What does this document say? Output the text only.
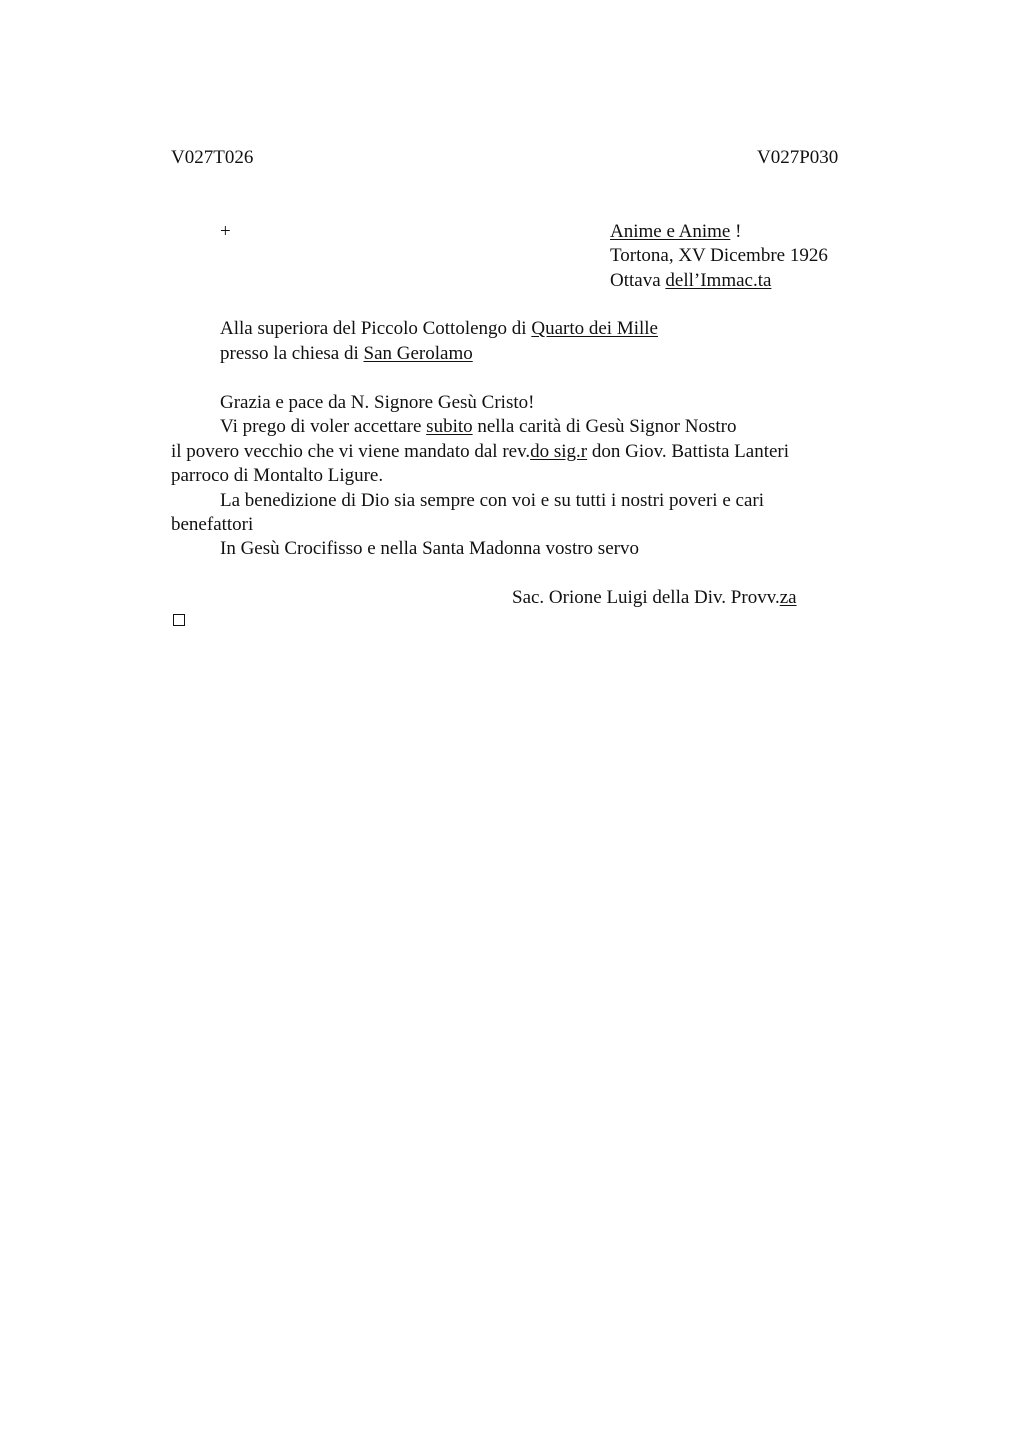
V027T026	V027P030
+	Anime e Anime !
Tortona, XV Dicembre 1926
Ottava dell’Immac.ta
Alla superiora del Piccolo Cottolengo di Quarto dei Mille
presso la chiesa di San Gerolamo
Grazia e pace da N. Signore Gesù Cristo!
Vi prego di voler accettare subito nella carità di Gesù Signor Nostro
il povero vecchio che vi viene mandato dal rev.do sig.r don Giov. Battista Lanteri
parroco di Montalto Ligure.
La benedizione di Dio sia sempre con voi e su tutti i nostri poveri e cari
benefattori
In Gesù Crocifisso e nella Santa Madonna vostro servo
Sac. Orione Luigi della Div. Provv.za
